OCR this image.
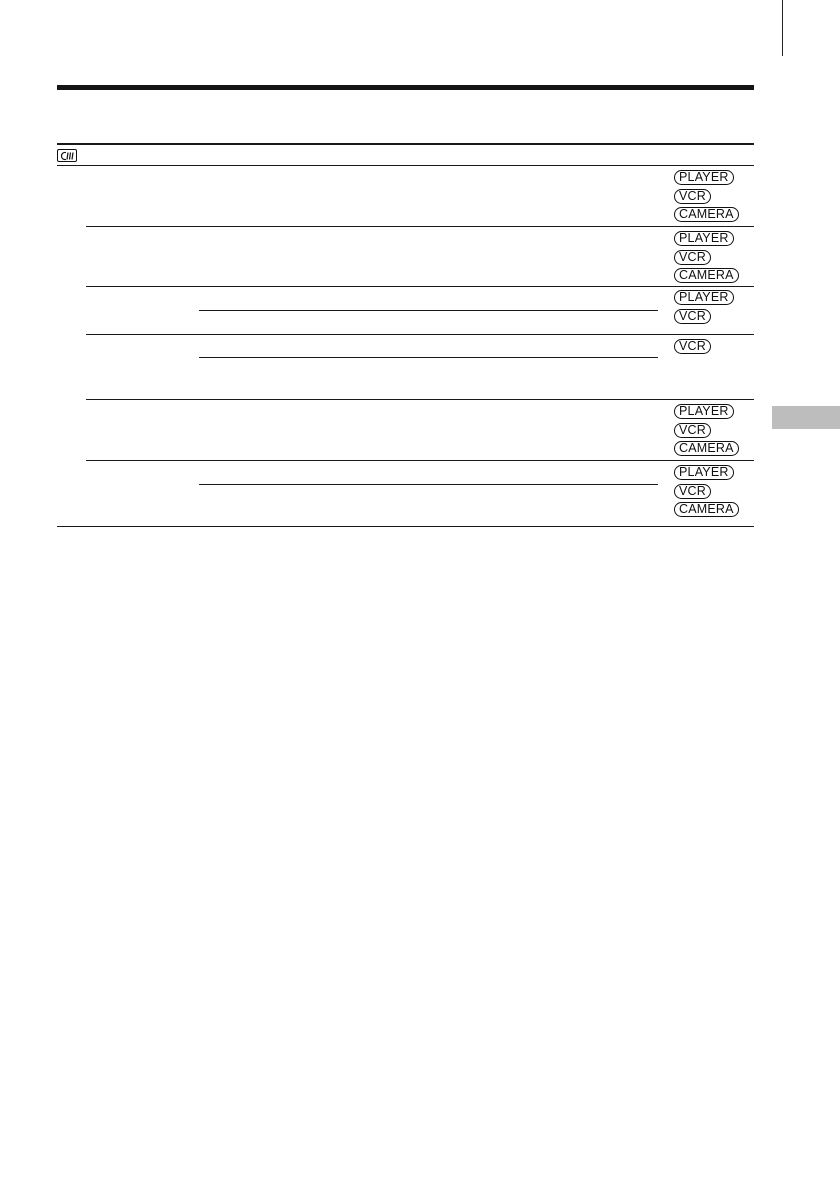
PLAYER
VCR
CAMERA
PLAYER
VCR
CAMERA
PLAYER
VCR
VCR
PLAYER
VCR
CAMERA
PLAYER
VCR
CAMERA
